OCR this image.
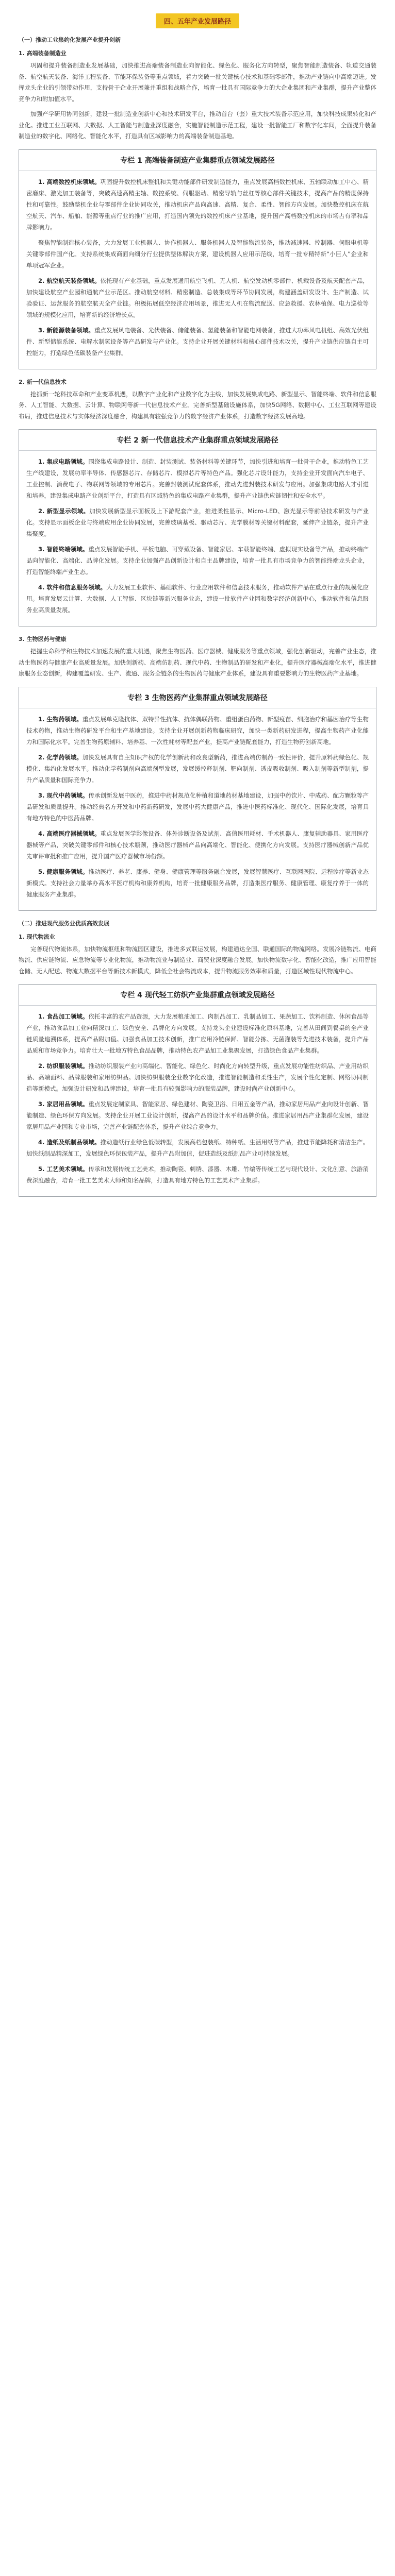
四、五年产业发展路径
（一）推动工业集约化发展产业提升创新
1. 高端装备制造业

巩固和提升装备制造业发展基础，加快推进高端装备制造业向智能化、绿色化、服务化方向转型，聚焦智能制造装备、轨道交通装备、航空航天装备、海洋工程装备、节能环保装备等重点领域，着力突破一批关键核心技术和基础零部件，推动产业链向中高端迈进。发挥龙头企业的引领带动作用，支持骨干企业开展兼并重组和战略合作，培育一批具有国际竞争力的大企业集团和产业集群，提升产业整体竞争力和附加值水平。

加强产学研用协同创新，建设一批制造业创新中心和技术研发平台，推动首台（套）重大技术装备示范应用，加快科技成果转化和产业化。推进工业互联网、大数据、人工智能与制造业深度融合，实施智能制造示范工程，建设一批智能工厂和数字化车间，全面提升装备制造业的数字化、网络化、智能化水平，打造具有区域影响力的高端装备制造基地。

专栏 1 高端装备制造产业集群重点领域发展路径

1. 高端数控机床领域。巩固提升数控机床整机和关键功能部件研发制造能力，重点发展高档数控机床、五轴联动加工中心、精密磨床、激光加工装备等，突破高速高精主轴、数控系统、伺服驱动、精密导轨与丝杠等核心部件关键技术，提高产品的精度保持性和可靠性。鼓励整机企业与零部件企业协同攻关，推动机床产品向高速、高精、复合、柔性、智能方向发展。加快数控机床在航空航天、汽车、船舶、能源等重点行业的推广应用，打造国内领先的数控机床产业基地，提升国产高档数控机床的市场占有率和品牌影响力。

聚焦智能制造核心装备，大力发展工业机器人、协作机器人、服务机器人及智能物流装备，推动减速器、控制器、伺服电机等关键零部件国产化。支持系统集成商面向细分行业提供整体解决方案，建设机器人应用示范线，培育一批专精特新“小巨人”企业和单项冠军企业。

2. 航空航天装备领域。依托现有产业基础，重点发展通用航空飞机、无人机、航空发动机零部件、机载设备及航天配套产品，加快建设航空产业园和通航产业示范区。推动航空材料、精密制造、总装集成等环节协同发展，构建涵盖研发设计、生产制造、试验验证、运营服务的航空航天全产业链。积极拓展低空经济应用场景，推进无人机在物流配送、应急救援、农林植保、电力巡检等领域的规模化应用，培育新的经济增长点。

3. 新能源装备领域。重点发展风电装备、光伏装备、储能装备、氢能装备和智能电网装备，推进大功率风电机组、高效光伏组件、新型储能系统、电解水制氢设备等产品研发与产业化。支持企业开展关键材料和核心部件技术攻关，提升产业链供应链自主可控能力，打造绿色低碳装备产业集群。

2. 新一代信息技术

抢抓新一轮科技革命和产业变革机遇，以数字产业化和产业数字化为主线，加快发展集成电路、新型显示、智能终端、软件和信息服务、人工智能、大数据、云计算、物联网等新一代信息技术产业。完善新型基础设施体系，加快5G网络、数据中心、工业互联网等建设布局，推进信息技术与实体经济深度融合，构建具有较强竞争力的数字经济产业体系，打造数字经济发展高地。

专栏 2 新一代信息技术产业集群重点领域发展路径

1. 集成电路领域。围绕集成电路设计、制造、封装测试、装备材料等关键环节，加快引进和培育一批骨干企业，推动特色工艺生产线建设，发展功率半导体、传感器芯片、存储芯片、模拟芯片等特色产品。强化芯片设计能力，支持企业开发面向汽车电子、工业控制、消费电子、物联网等领域的专用芯片。完善封装测试配套体系，推动先进封装技术研发与应用。加强集成电路人才引进和培养，建设集成电路产业创新平台，打造具有区域特色的集成电路产业集群，提升产业链供应链韧性和安全水平。

2. 新型显示领域。加快发展新型显示面板及上下游配套产业，推进柔性显示、Micro-LED、激光显示等前沿技术研发与产业化。支持显示面板企业与终端应用企业协同发展，完善玻璃基板、驱动芯片、光学膜材等关键材料配套，延伸产业链条，提升产业集聚度。

3. 智能终端领域。重点发展智能手机、平板电脑、可穿戴设备、智能家居、车载智能终端、虚拟现实设备等产品，推动终端产品向智能化、高端化、品牌化发展。支持企业加强产品创新设计和自主品牌建设，培育一批具有市场竞争力的智能终端龙头企业，打造智能终端产业生态。

4. 软件和信息服务领域。大力发展工业软件、基础软件、行业应用软件和信息技术服务，推动软件产品在重点行业的规模化应用。培育发展云计算、大数据、人工智能、区块链等新兴服务业态，建设一批软件产业园和数字经济创新中心，推动软件和信息服务业高质量发展。

3. 生物医药与健康

把握生命科学和生物技术加速发展的重大机遇，聚焦生物医药、医疗器械、健康服务等重点领域，强化创新驱动，完善产业生态，推动生物医药与健康产业高质量发展。加快创新药、高端仿制药、现代中药、生物制品的研发和产业化，提升医疗器械高端化水平，推进健康服务业态创新，构建覆盖研发、生产、流通、服务全链条的生物医药与健康产业体系，建设具有重要影响力的生物医药产业基地。

专栏 3 生物医药产业集群重点领域发展路径

1. 生物药领域。重点发展单克隆抗体、双特异性抗体、抗体偶联药物、重组蛋白药物、新型疫苗、细胞治疗和基因治疗等生物技术药物，推动生物药研发平台和生产基地建设。支持企业开展创新药物临床研究，加快一类新药研发进程，提高生物药产业化能力和国际化水平。完善生物药原辅料、培养基、一次性耗材等配套产业，提高产业链配套能力，打造生物药创新高地。

2. 化学药领域。加快发展具有自主知识产权的化学创新药和改良型新药，推进高端仿制药一致性评价，提升原料药绿色化、规模化、集约化发展水平。推动化学药制剂向高端剂型发展，发展缓控释制剂、靶向制剂、透皮吸收制剂、吸入制剂等新型制剂，提升产品质量和国际竞争力。

3. 现代中药领域。传承创新发展中医药，推进中药材规范化种植和道地药材基地建设，加强中药饮片、中成药、配方颗粒等产品研发和质量提升。推动经典名方开发和中药新药研发，发展中药大健康产品，推进中医药标准化、现代化、国际化发展，培育具有地方特色的中医药品牌。

4. 高端医疗器械领域。重点发展医学影像设备、体外诊断设备及试剂、高值医用耗材、手术机器人、康复辅助器具、家用医疗器械等产品，突破关键零部件和核心技术瓶颈，推动医疗器械产品向高端化、智能化、便携化方向发展。支持医疗器械创新产品优先审评审批和推广应用，提升国产医疗器械市场份额。

5. 健康服务领域。推动医疗、养老、康养、健身、健康管理等服务融合发展，发展智慧医疗、互联网医院、远程诊疗等新业态新模式。支持社会力量举办高水平医疗机构和康养机构，培育一批健康服务品牌，打造集医疗服务、健康管理、康复疗养于一体的健康服务产业集群。

（二）推进现代服务业优质高效发展
1. 现代物流业

完善现代物流体系，加快物流枢纽和物流园区建设，推进多式联运发展，构建通达全国、联通国际的物流网络。发展冷链物流、电商物流、供应链物流、应急物流等专业化物流，推动物流业与制造业、商贸业深度融合发展。加快物流数字化、智能化改造，推广应用智能仓储、无人配送、物流大数据平台等新技术新模式，降低全社会物流成本，提升物流服务效率和质量，打造区域性现代物流中心。

专栏 4 现代轻工纺织产业集群重点领域发展路径

1. 食品加工领域。依托丰富的农产品资源，大力发展粮油加工、肉制品加工、乳制品加工、果蔬加工、饮料制造、休闲食品等产业，推动食品加工业向精深加工、绿色安全、品牌化方向发展。支持龙头企业建设标准化原料基地，完善从田间到餐桌的全产业链质量追溯体系，提高产品附加值。加强食品加工技术创新，推广应用冷链保鲜、智能分拣、无菌灌装等先进技术装备，提升产品品质和市场竞争力。培育壮大一批地方特色食品品牌，推动特色农产品加工业集聚发展，打造绿色食品产业集群。

2. 纺织服装领域。推动纺织服装产业向高端化、智能化、绿色化、时尚化方向转型升级，重点发展功能性纺织品、产业用纺织品、高端面料、品牌服装和家用纺织品。加快纺织服装企业数字化改造，推进智能制造和柔性生产，发展个性化定制、网络协同制造等新模式。加强设计研发和品牌建设，培育一批具有较强影响力的服装品牌，建设时尚产业创新中心。

3. 家居用品领域。重点发展定制家具、智能家居、绿色建材、陶瓷卫浴、日用五金等产品，推动家居用品产业向设计创新、智能制造、绿色环保方向发展。支持企业开展工业设计创新，提高产品的设计水平和品牌价值。推进家居用品产业集群化发展，建设家居用品产业园和专业市场，完善产业链配套体系，提升产业综合竞争力。

4. 造纸及纸制品领域。推动造纸行业绿色低碳转型，发展高档包装纸、特种纸、生活用纸等产品，推进节能降耗和清洁生产。加快纸制品精深加工，发展绿色环保包装产品，提升产品附加值，促进造纸及纸制品产业可持续发展。

5. 工艺美术领域。传承和发展传统工艺美术，推动陶瓷、刺绣、漆器、木雕、竹编等传统工艺与现代设计、文化创意、旅游消费深度融合，培育一批工艺美术大师和知名品牌，打造具有地方特色的工艺美术产业集群。
